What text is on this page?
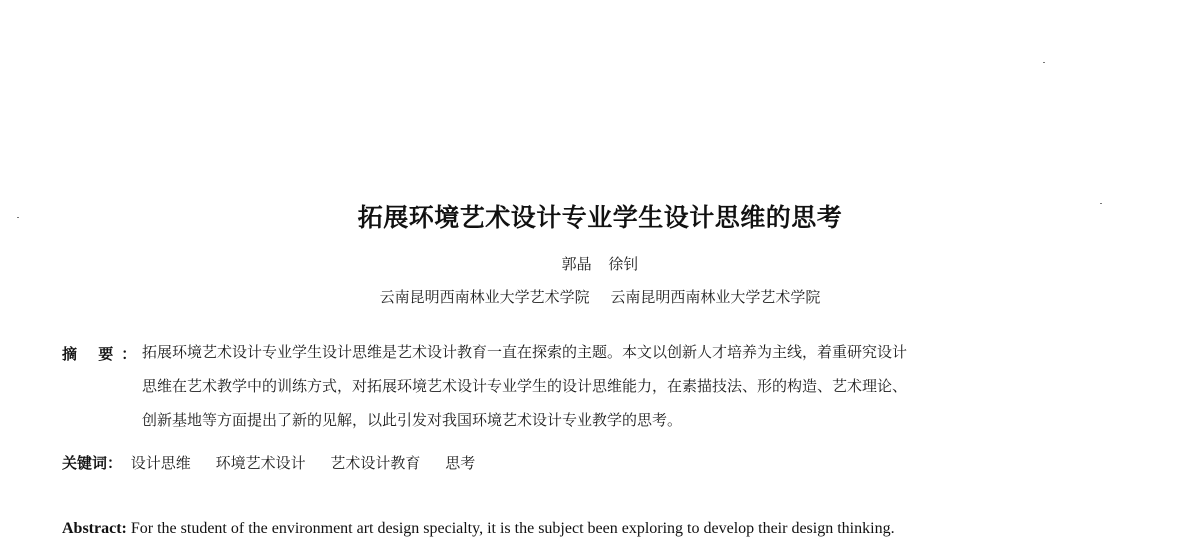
拓展环境艺术设计专业学生设计思维的思考
郭晶 徐钊
云南昆明西南林业大学艺术学院 云南昆明西南林业大学艺术学院
摘 要：
拓展环境艺术设计专业学生设计思维是艺术设计教育一直在探索的主题。本文以创新人才培养为主线，着重研究设计
思维在艺术教学中的训练方式，对拓展环境艺术设计专业学生的设计思维能力，在素描技法、形的构造、艺术理论、
创新基地等方面提出了新的见解，以此引发对我国环境艺术设计专业教学的思考。
关键词： 设计思维 环境艺术设计 艺术设计教育 思考
Abstract: For the student of the environment art design specialty, it is the subject been exploring to develop their design thinking.
